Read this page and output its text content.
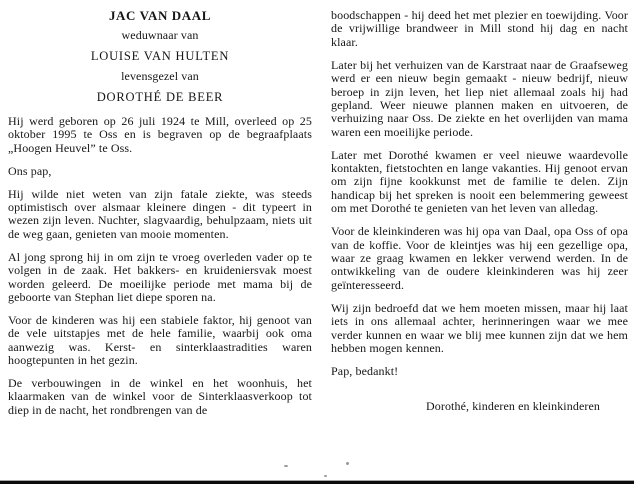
JAC VAN DAAL
weduwnaar van
LOUISE VAN HULTEN
levensgezel van
DOROTHÉ DE BEER

Hij werd geboren op 26 juli 1924 te Mill, overleed op 25 oktober 1995 te Oss en is begraven op de begraafplaats „Hoogen Heuvel” te Oss.

Ons pap,

Hij wilde niet weten van zijn fatale ziekte, was steeds optimistisch over alsmaar kleinere dingen - dit typeert in wezen zijn leven. Nuchter, slagvaardig, behulpzaam, niets uit de weg gaan, genieten van mooie momenten.

Al jong sprong hij in om zijn te vroeg overleden vader op te volgen in de zaak. Het bakkers- en kruideniersvak moest worden geleerd. De moeilijke periode met mama bij de geboorte van Stephan liet diepe sporen na.

Voor de kinderen was hij een stabiele faktor, hij genoot van de vele uitstapjes met de hele familie, waarbij ook oma aanwezig was. Kerst- en sinterklaastradities waren hoogtepunten in het gezin.

De verbouwingen in de winkel en het woonhuis, het klaarmaken van de winkel voor de Sinterklaasverkoop tot diep in de nacht, het rondbrengen van de

boodschappen - hij deed het met plezier en toewijding. Voor de vrijwillige brandweer in Mill stond hij dag en nacht klaar.

Later bij het verhuizen van de Karstraat naar de Graafseweg werd er een nieuw begin gemaakt - nieuw bedrijf, nieuw beroep in zijn leven, het liep niet allemaal zoals hij had gepland. Weer nieuwe plannen maken en uitvoeren, de verhuizing naar Oss. De ziekte en het overlijden van mama waren een moeilijke periode.

Later met Dorothé kwamen er veel nieuwe waardevolle kontakten, fietstochten en lange vakanties. Hij genoot ervan om zijn fijne kookkunst met de familie te delen. Zijn handicap bij het spreken is nooit een belemmering geweest om met Dorothé te genieten van het leven van alledag.

Voor de kleinkinderen was hij opa van Daal, opa Oss of opa van de koffie. Voor de kleintjes was hij een gezellige opa, waar ze graag kwamen en lekker verwend werden. In de ontwikkeling van de oudere kleinkinderen was hij zeer geïnteresseerd.

Wij zijn bedroefd dat we hem moeten missen, maar hij laat iets in ons allemaal achter, herinneringen waar we mee verder kunnen en waar we blij mee kunnen zijn dat we hem hebben mogen kennen.

Pap, bedankt!

Dorothé, kinderen en kleinkinderen
